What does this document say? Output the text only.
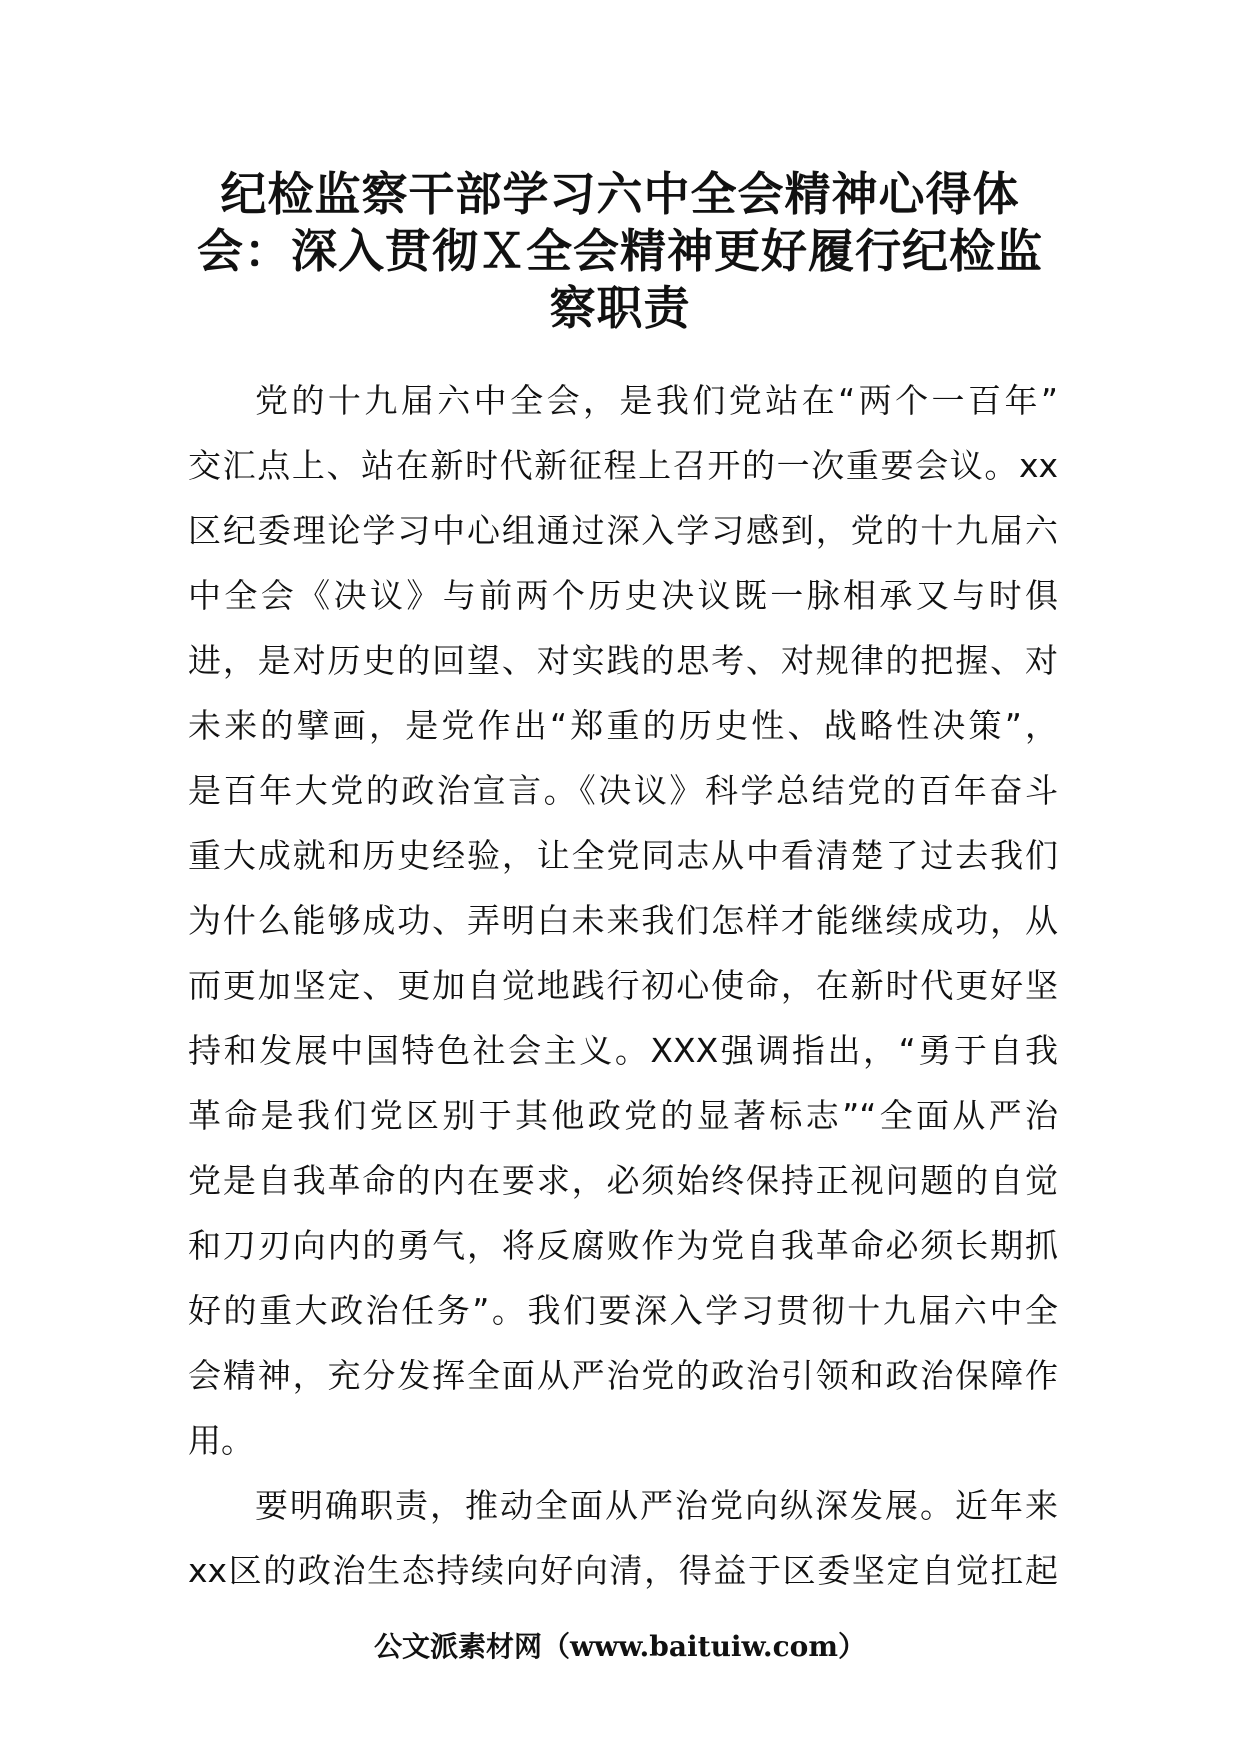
纪检监察干部学习六中全会精神心得体
会：深入贯彻Ｘ全会精神更好履行纪检监
察职责
党的十九届六中全会，是我们党站在“两个一百年”
交汇点上、站在新时代新征程上召开的一次重要会议。xx
区纪委理论学习中心组通过深入学习感到，党的十九届六
中全会《决议》与前两个历史决议既一脉相承又与时俱
进，是对历史的回望、对实践的思考、对规律的把握、对
未来的擘画，是党作出“郑重的历史性、战略性决策”，
是百年大党的政治宣言。《决议》科学总结党的百年奋斗
重大成就和历史经验，让全党同志从中看清楚了过去我们
为什么能够成功、弄明白未来我们怎样才能继续成功，从
而更加坚定、更加自觉地践行初心使命，在新时代更好坚
持和发展中国特色社会主义。XXX强调指出，“勇于自我
革命是我们党区别于其他政党的显著标志”“全面从严治
党是自我革命的内在要求，必须始终保持正视问题的自觉
和刀刃向内的勇气，将反腐败作为党自我革命必须长期抓
好的重大政治任务”。我们要深入学习贯彻十九届六中全
会精神，充分发挥全面从严治党的政治引领和政治保障作
用。
要明确职责，推动全面从严治党向纵深发展。近年来
xx区的政治生态持续向好向清，得益于区委坚定自觉扛起
公文派素材网（www.baituiw.com）
